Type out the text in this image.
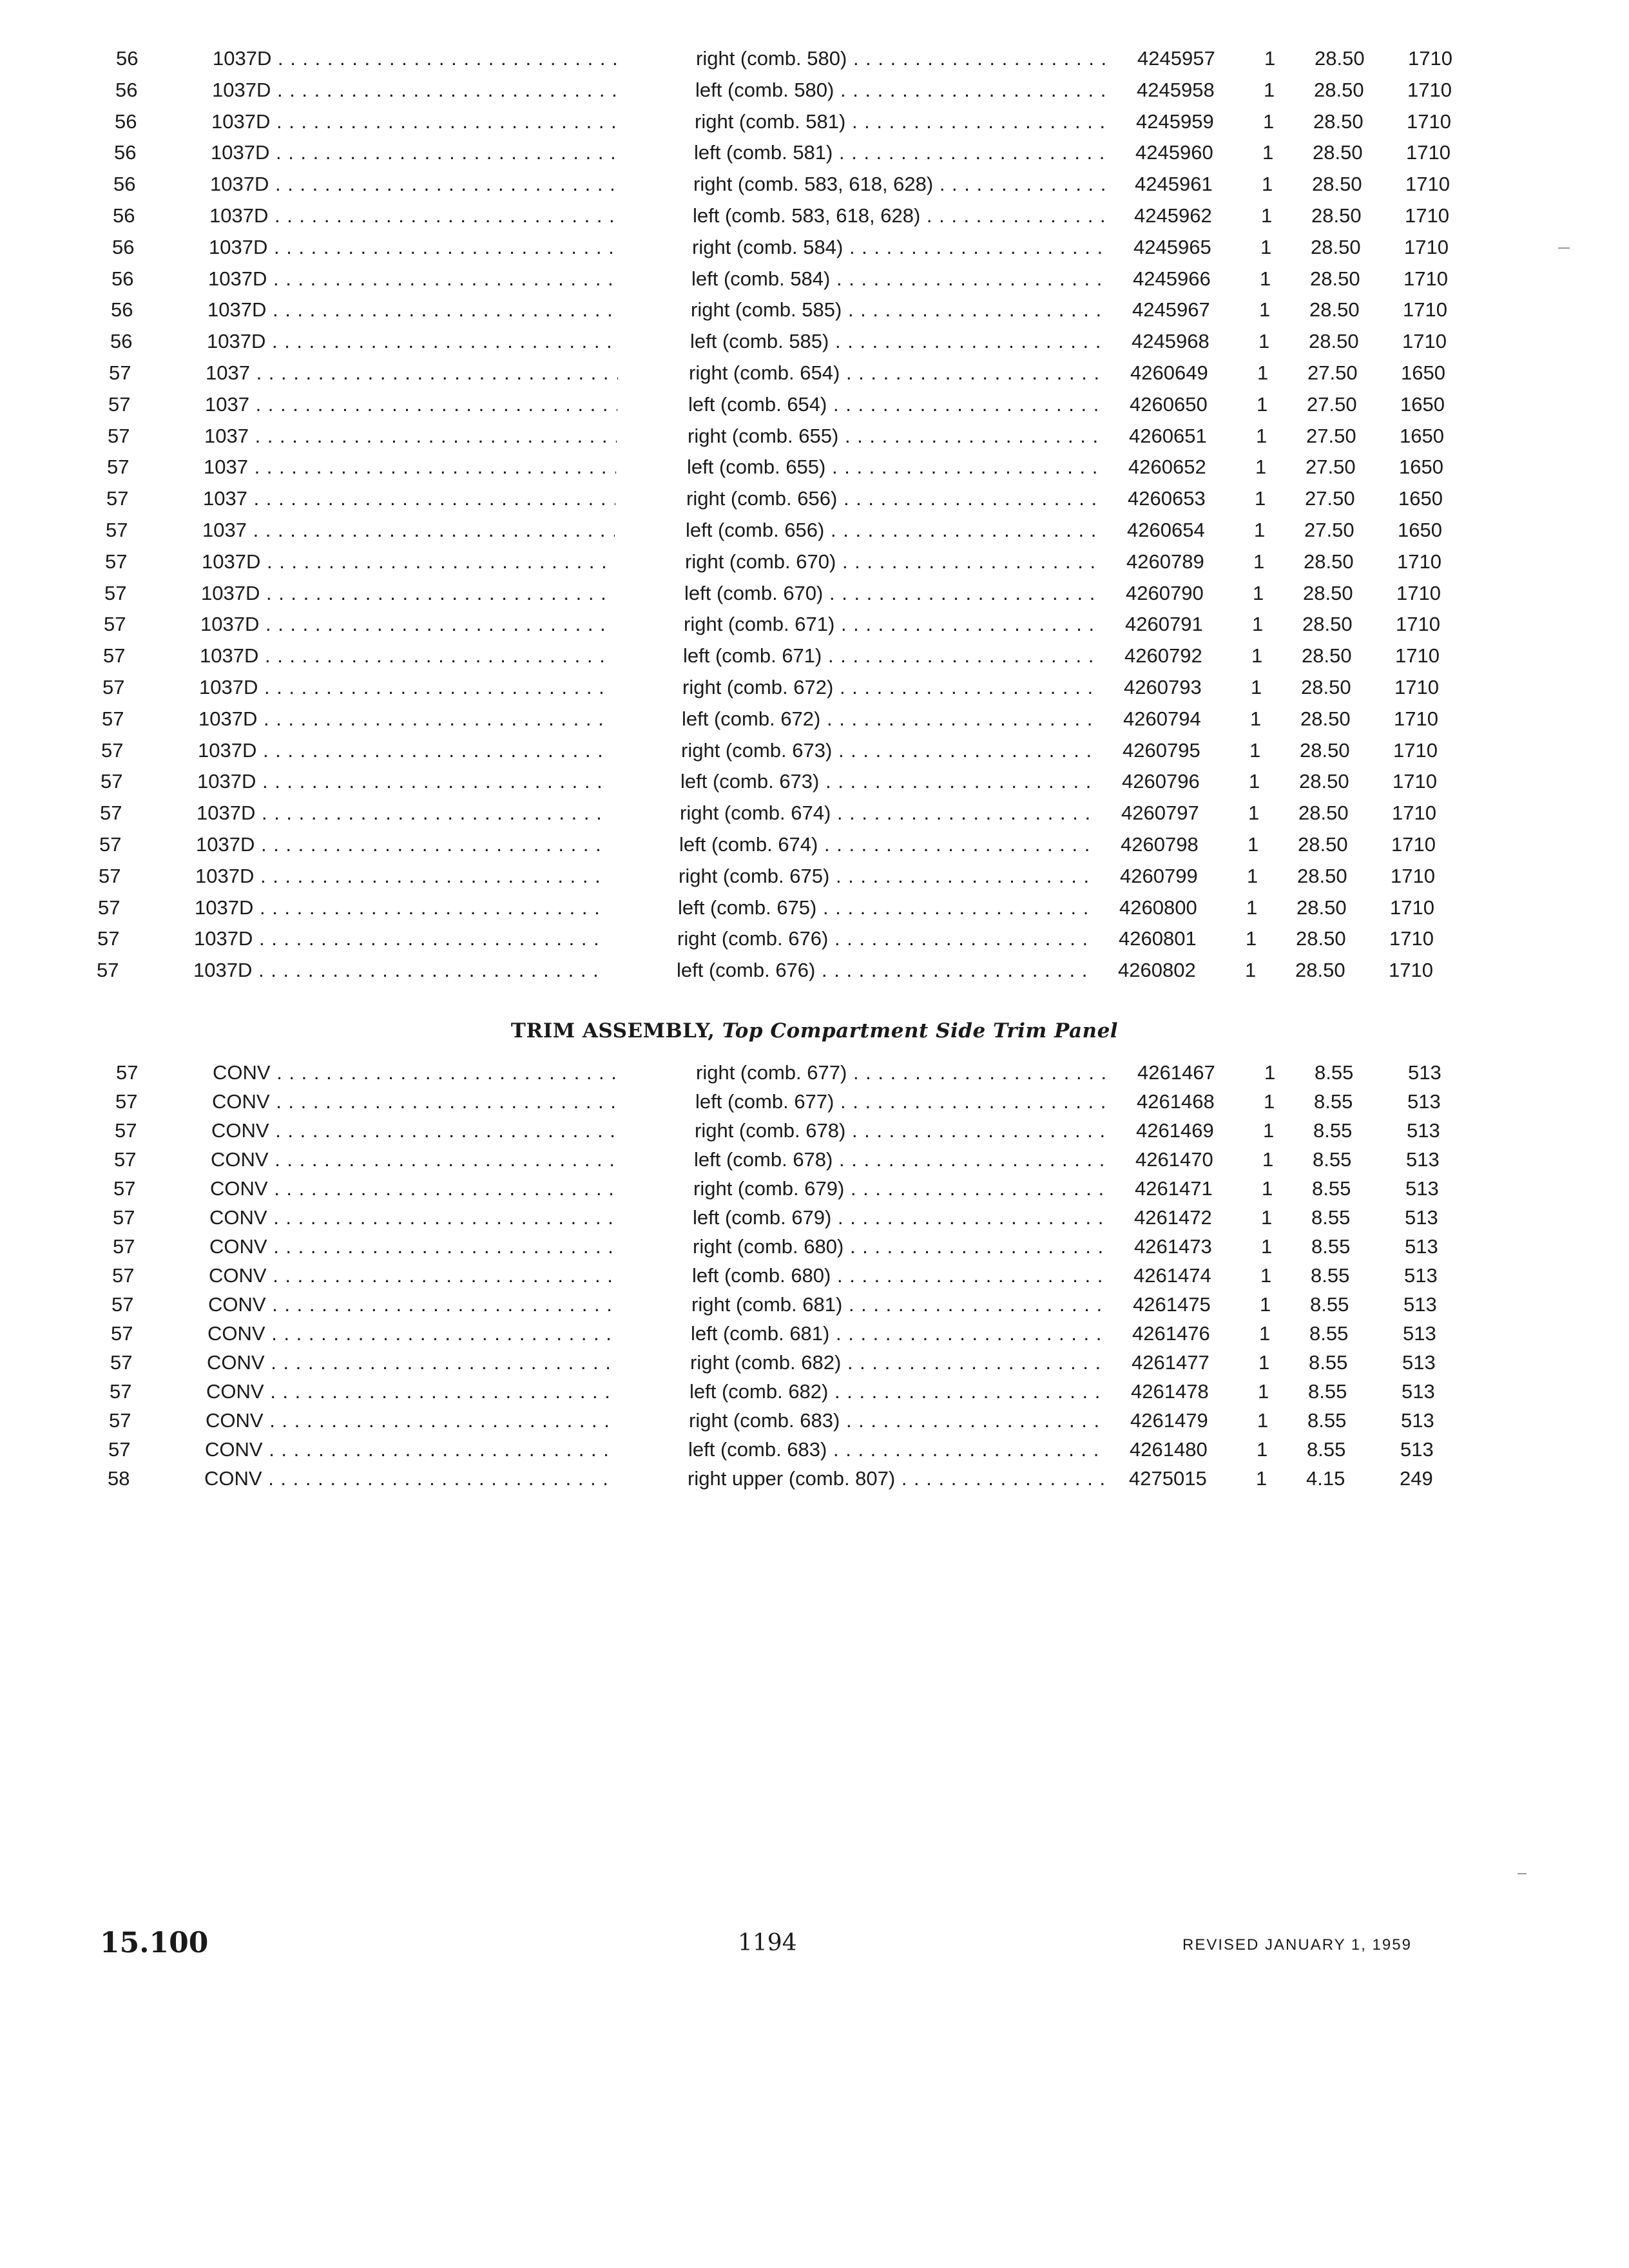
56	1037D . . .	right (comb. 580) . . .	4245957	1	28.50	1710
56	1037D . . .	left (comb. 580) . . .	4245958	1	28.50	1710
56	1037D . . .	right (comb. 581) . . .	4245959	1	28.50	1710
56	1037D . . .	left (comb. 581) . . .	4245960	1	28.50	1710
56	1037D . . .	right (comb. 583, 618, 628) . . .	4245961	1	28.50	1710
56	1037D . . .	left (comb. 583, 618, 628) . . .	4245962	1	28.50	1710
56	1037D . . .	right (comb. 584) . . .	4245965	1	28.50	1710
56	1037D . . .	left (comb. 584) . . .	4245966	1	28.50	1710
56	1037D . . .	right (comb. 585) . . .	4245967	1	28.50	1710
56	1037D . . .	left (comb. 585) . . .	4245968	1	28.50	1710
57	1037 . . .	right (comb. 654) . . .	4260649	1	27.50	1650
57	1037 . . .	left (comb. 654) . . .	4260650	1	27.50	1650
57	1037 . . .	right (comb. 655) . . .	4260651	1	27.50	1650
57	1037 . . .	left (comb. 655) . . .	4260652	1	27.50	1650
57	1037 . . .	right (comb. 656) . . .	4260653	1	27.50	1650
57	1037 . . .	left (comb. 656) . . .	4260654	1	27.50	1650
57	1037D . . .	right (comb. 670) . . .	4260789	1	28.50	1710
57	1037D . . .	left (comb. 670) . . .	4260790	1	28.50	1710
57	1037D . . .	right (comb. 671) . . .	4260791	1	28.50	1710
57	1037D . . .	left (comb. 671) . . .	4260792	1	28.50	1710
57	1037D . . .	right (comb. 672) . . .	4260793	1	28.50	1710
57	1037D . . .	left (comb. 672) . . .	4260794	1	28.50	1710
57	1037D . . .	right (comb. 673) . . .	4260795	1	28.50	1710
57	1037D . . .	left (comb. 673) . . .	4260796	1	28.50	1710
57	1037D . . .	right (comb. 674) . . .	4260797	1	28.50	1710
57	1037D . . .	left (comb. 674) . . .	4260798	1	28.50	1710
57	1037D . . .	right (comb. 675) . . .	4260799	1	28.50	1710
57	1037D . . .	left (comb. 675) . . .	4260800	1	28.50	1710
57	1037D . . .	right (comb. 676) . . .	4260801	1	28.50	1710
57	1037D . . .	left (comb. 676) . . .	4260802	1	28.50	1710
TRIM ASSEMBLY, Top Compartment Side Trim Panel
57	CONV . . .	right (comb. 677) . . .	4261467	1	8.55	513
57	CONV . . .	left (comb. 677) . . .	4261468	1	8.55	513
57	CONV . . .	right (comb. 678) . . .	4261469	1	8.55	513
57	CONV . . .	left (comb. 678) . . .	4261470	1	8.55	513
57	CONV . . .	right (comb. 679) . . .	4261471	1	8.55	513
57	CONV . . .	left (comb. 679) . . .	4261472	1	8.55	513
57	CONV . . .	right (comb. 680) . . .	4261473	1	8.55	513
57	CONV . . .	left (comb. 680) . . .	4261474	1	8.55	513
57	CONV . . .	right (comb. 681) . . .	4261475	1	8.55	513
57	CONV . . .	left (comb. 681) . . .	4261476	1	8.55	513
57	CONV . . .	right (comb. 682) . . .	4261477	1	8.55	513
57	CONV . . .	left (comb. 682) . . .	4261478	1	8.55	513
57	CONV . . .	right (comb. 683) . . .	4261479	1	8.55	513
57	CONV . . .	left (comb. 683) . . .	4261480	1	8.55	513
58	CONV . . .	right upper (comb. 807) . . .	4275015	1	4.15	249
15.100	1194	REVISED JANUARY 1, 1959
